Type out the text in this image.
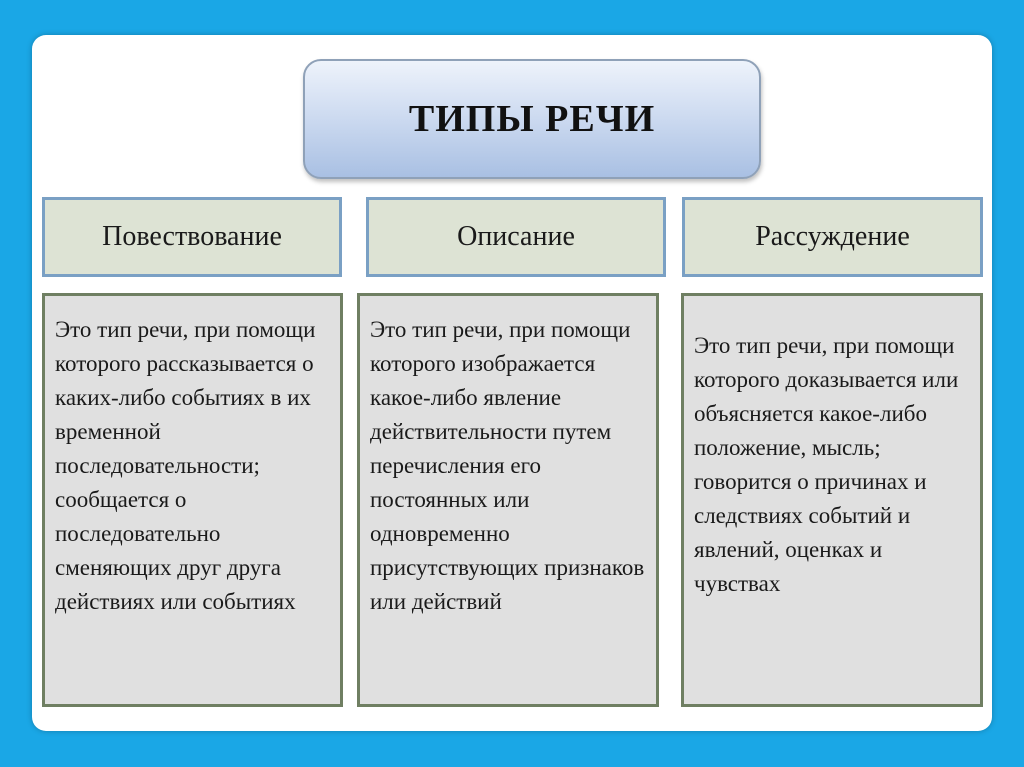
ТИПЫ РЕЧИ
Повествование	Описание	Рассуждение
Это тип речи, при помощи которого рассказывается о каких-либо событиях в их временной последовательности; сообщается о последовательно сменяющих друг друга действиях или событиях
Это тип речи, при помощи которого изображается какое-либо явление действительности путем перечисления его постоянных или одновременно присутствующих признаков или действий
Это тип речи, при помощи которого доказывается или объясняется какое-либо положение, мысль; говорится о причинах и следствиях событий и явлений, оценках и чувствах
